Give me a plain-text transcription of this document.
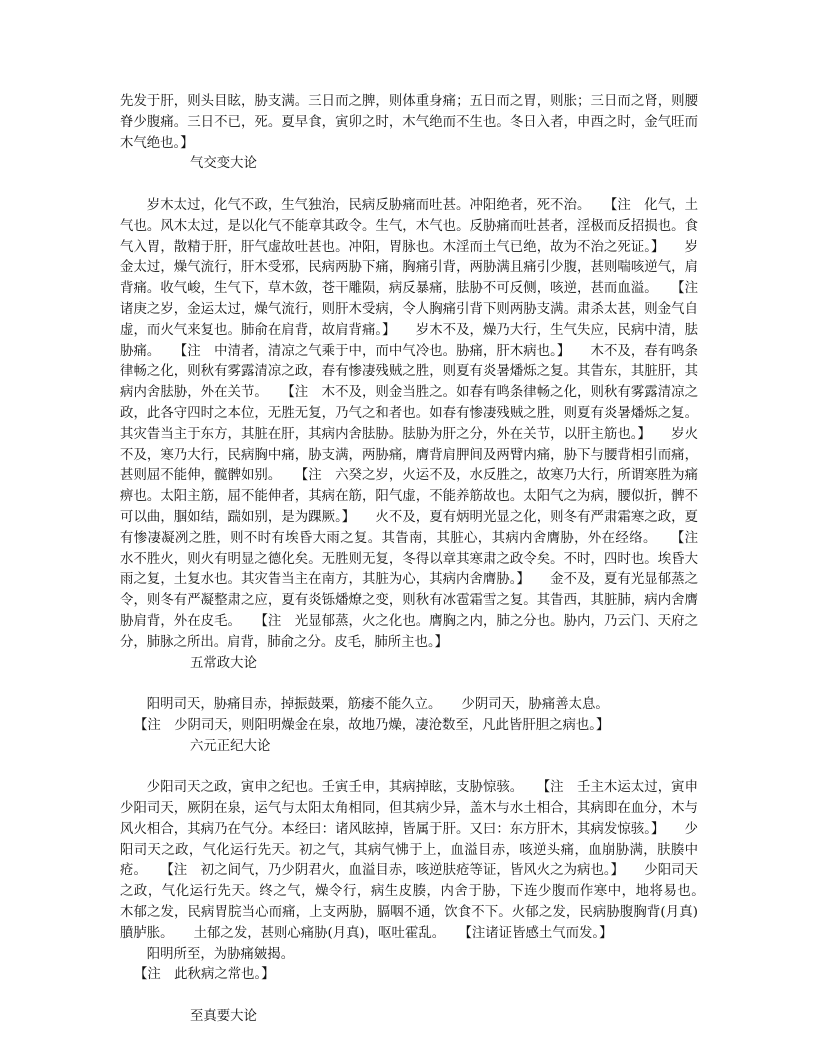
先发于肝，则头目眩，胁支满。三日而之脾，则体重身痛；五日而之胃，则胀；三日而之肾，则腰脊少腹痛。三日不已，死。夏早食，寅卯之时，木气绝而不生也。冬日入者，申酉之时，金气旺而木气绝也。】

气交变大论

岁木太过，化气不政，生气独治，民病反胁痛而吐甚。冲阳绝者，死不治。　　【注　化气，土气也。风木太过，是以化气不能章其政令。生气，木气也。反胁痛而吐甚者，淫极而反招损也。食气入胃，散精于肝，肝气虚故吐甚也。冲阳，胃脉也。木淫而土气已绝，故为不治之死证。】　　岁金太过，燥气流行，肝木受邪，民病两胁下痛，胸痛引背，两胁满且痛引少腹，甚则喘咳逆气，肩背痛。收气峻，生气下，草木敛，苍干雕陨，病反暴痛，胠胁不可反侧，咳逆，甚而血溢。　　【注　诸庚之岁，金运太过，燥气流行，则肝木受病，令人胸痛引背下则两胁支满。肃杀太甚，则金气自虚，而火气来复也。肺俞在肩背，故肩背痛。】　　岁木不及，燥乃大行，生气失应，民病中清，胠胁痛。　　【注　中清者，清凉之气乘于中，而中气冷也。胁痛，肝木病也。】　　木不及，春有鸣条律畅之化，则秋有雾露清凉之政，春有惨凄残贼之胜，则夏有炎暑燔烁之复。其眚东，其脏肝，其病内舍胠胁，外在关节。　　【注　木不及，则金当胜之。如春有鸣条律畅之化，则秋有雾露清凉之政，此各守四时之本位，无胜无复，乃气之和者也。如春有惨凄残贼之胜，则夏有炎暑燔烁之复。其灾眚当主于东方，其脏在肝，其病内舍胠胁。胠胁为肝之分，外在关节，以肝主筋也。】　　岁火不及，寒乃大行，民病胸中痛，胁支满，两胁痛，膺背肩胛间及两臂内痛，胁下与腰背相引而痛，甚则屈不能伸，髋髀如别。　　【注　六癸之岁，火运不及，水反胜之，故寒乃大行，所谓寒胜为痛痹也。太阳主筋，屈不能伸者，其病在筋，阳气虚，不能养筋故也。太阳气之为病，腰似折，髀不可以曲，腘如结，踹如别，是为踝厥。】　　火不及，夏有炳明光显之化，则冬有严肃霜寒之政，夏有惨凄凝冽之胜，则不时有埃昏大雨之复。其眚南，其脏心，其病内舍膺胁，外在经络。　　【注　水不胜火，则火有明显之德化矣。无胜则无复，冬得以章其寒肃之政令矣。不时，四时也。埃昏大雨之复，土复水也。其灾眚当主在南方，其脏为心，其病内舍膺胁。】　　金不及，夏有光显郁蒸之令，则冬有严凝整肃之应，夏有炎铄燔燎之变，则秋有冰雹霜雪之复。其眚西，其脏肺，病内舍膺胁肩背，外在皮毛。　　【注　光显郁蒸，火之化也。膺胸之内，肺之分也。胁内，乃云门、天府之分，肺脉之所出。肩背，肺俞之分。皮毛，肺所主也。】

五常政大论

阳明司天，胁痛目赤，掉振鼓栗，筋痿不能久立。　　少阴司天，胁痛善太息。

【注　少阴司天，则阳明燥金在泉，故地乃燥，凄沧数至，凡此皆肝胆之病也。】

六元正纪大论

少阳司天之政，寅申之纪也。壬寅壬申，其病掉眩，支胁惊骇。　　【注　壬主木运太过，寅申少阳司天，厥阴在泉，运气与太阳太角相同，但其病少异，盖木与水土相合，其病即在血分，木与风火相合，其病乃在气分。本经曰：诸风眩掉，皆属于肝。又曰：东方肝木，其病发惊骇。】　　少阳司天之政，气化运行先天。初之气，其病气怫于上，血溢目赤，咳逆头痛，血崩胁满，肤腠中疮。　　【注　初之间气，乃少阴君火，血溢目赤，咳逆肤疮等证，皆风火之为病也。】　　少阳司天之政，气化运行先天。终之气，燥令行，病生皮腠，内舍于胁，下连少腹而作寒中，地将易也。　　木郁之发，民病胃脘当心而痛，上支两胁，膈咽不通，饮食不下。火郁之发，民病胁腹胸背(月真)膹胪胀。　　土郁之发，甚则心痛胁(月真)，呕吐霍乱。　　【注诸证皆感土气而发。】

阳明所至，为胁痛皴揭。

【注　此秋病之常也。】

至真要大论
